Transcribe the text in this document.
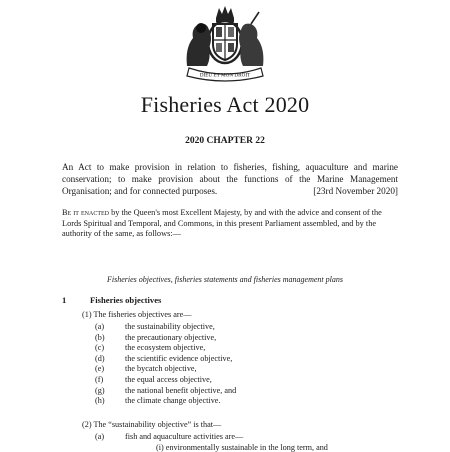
DIEU ET MON DROIT
Fisheries Act 2020
2020 CHAPTER 22
An Act to make provision in relation to fisheries, fishing, aquaculture and marine conservation; to make provision about the functions of the Marine Management Organisation; and for connected purposes.	[23rd November 2020]
Be it enacted by the Queen's most Excellent Majesty, by and with the advice and consent of the Lords Spiritual and Temporal, and Commons, in this present Parliament assembled, and by the authority of the same, as follows:—
Fisheries objectives, fisheries statements and fisheries management plans
1	Fisheries objectives
(1) The fisheries objectives are—
(a)	the sustainability objective,
(b) the precautionary objective,
(c)	the ecosystem objective,
(d) the scientific evidence objective,
(e)	the bycatch objective,
(f)	the equal access objective,
(g) the national benefit objective, and
(h) the climate change objective.
(2) The “sustainability objective” is that—
(a)	fish and aquaculture activities are—
(i) environmentally sustainable in the long term, and
